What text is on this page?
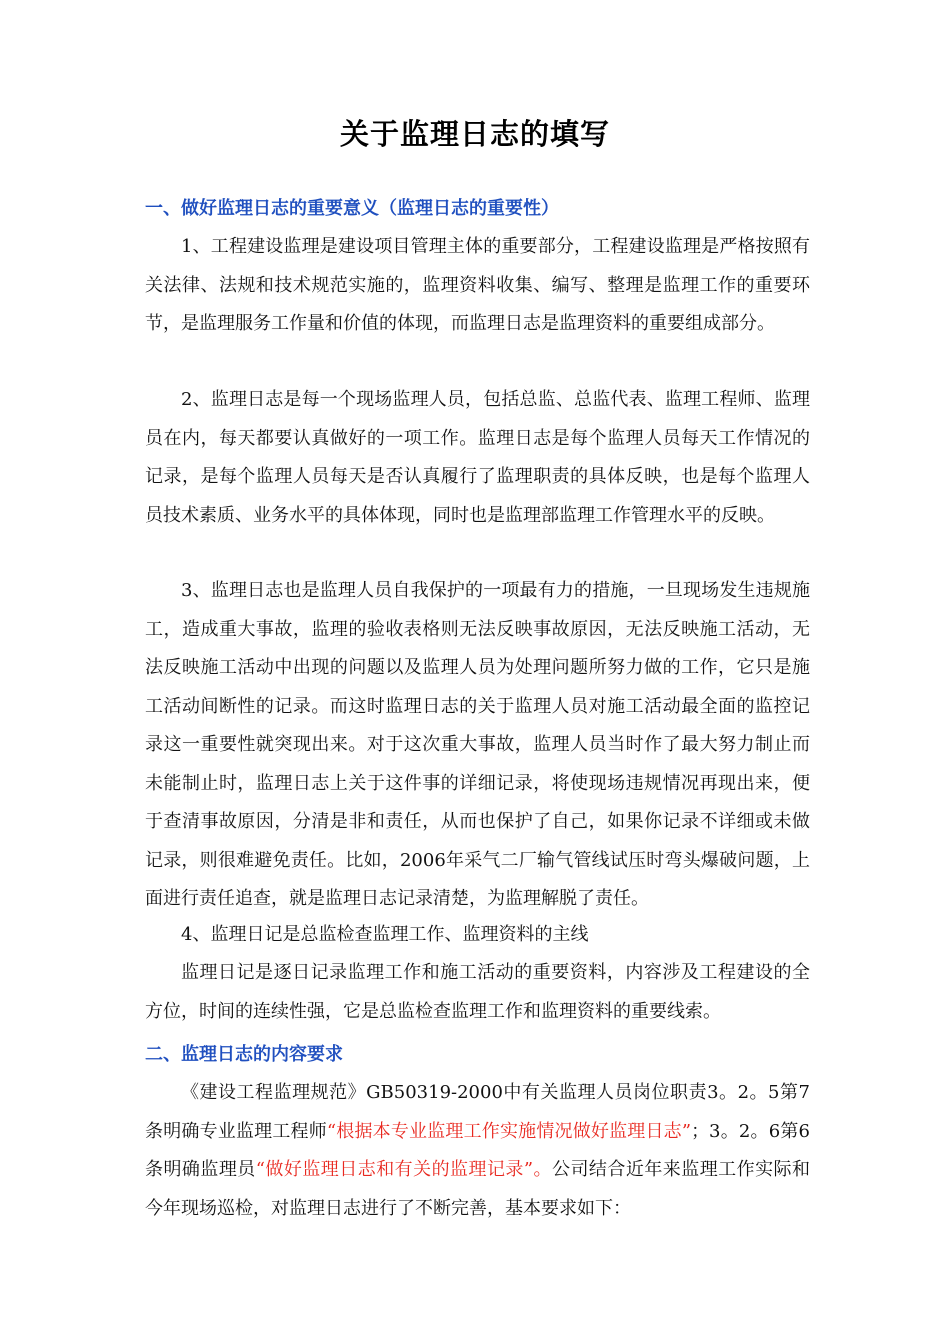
关于监理日志的填写
一、做好监理日志的重要意义（监理日志的重要性）
1、工程建设监理是建设项目管理主体的重要部分，工程建设监理是严格按照有关法律、法规和技术规范实施的，监理资料收集、编写、整理是监理工作的重要环节，是监理服务工作量和价值的体现，而监理日志是监理资料的重要组成部分。
2、监理日志是每一个现场监理人员，包括总监、总监代表、监理工程师、监理员在内，每天都要认真做好的一项工作。监理日志是每个监理人员每天工作情况的记录，是每个监理人员每天是否认真履行了监理职责的具体反映，也是每个监理人员技术素质、业务水平的具体体现，同时也是监理部监理工作管理水平的反映。
3、监理日志也是监理人员自我保护的一项最有力的措施，一旦现场发生违规施工，造成重大事故，监理的验收表格则无法反映事故原因，无法反映施工活动，无法反映施工活动中出现的问题以及监理人员为处理问题所努力做的工作，它只是施工活动间断性的记录。而这时监理日志的关于监理人员对施工活动最全面的监控记录这一重要性就突现出来。对于这次重大事故，监理人员当时作了最大努力制止而未能制止时，监理日志上关于这件事的详细记录，将使现场违规情况再现出来，便于查清事故原因，分清是非和责任，从而也保护了自己，如果你记录不详细或未做记录，则很难避免责任。比如，2006年采气二厂输气管线试压时弯头爆破问题，上面进行责任追查，就是监理日志记录清楚，为监理解脱了责任。
4、监理日记是总监检查监理工作、监理资料的主线
监理日记是逐日记录监理工作和施工活动的重要资料，内容涉及工程建设的全方位，时间的连续性强，它是总监检查监理工作和监理资料的重要线索。
二、监理日志的内容要求
《建设工程监理规范》GB50319-2000中有关监理人员岗位职责3。2。5第7条明确专业监理工程师“根据本专业监理工作实施情况做好监理日志”；3。2。6第6条明确监理员“做好监理日志和有关的监理记录”。公司结合近年来监理工作实际和今年现场巡检，对监理日志进行了不断完善，基本要求如下：
